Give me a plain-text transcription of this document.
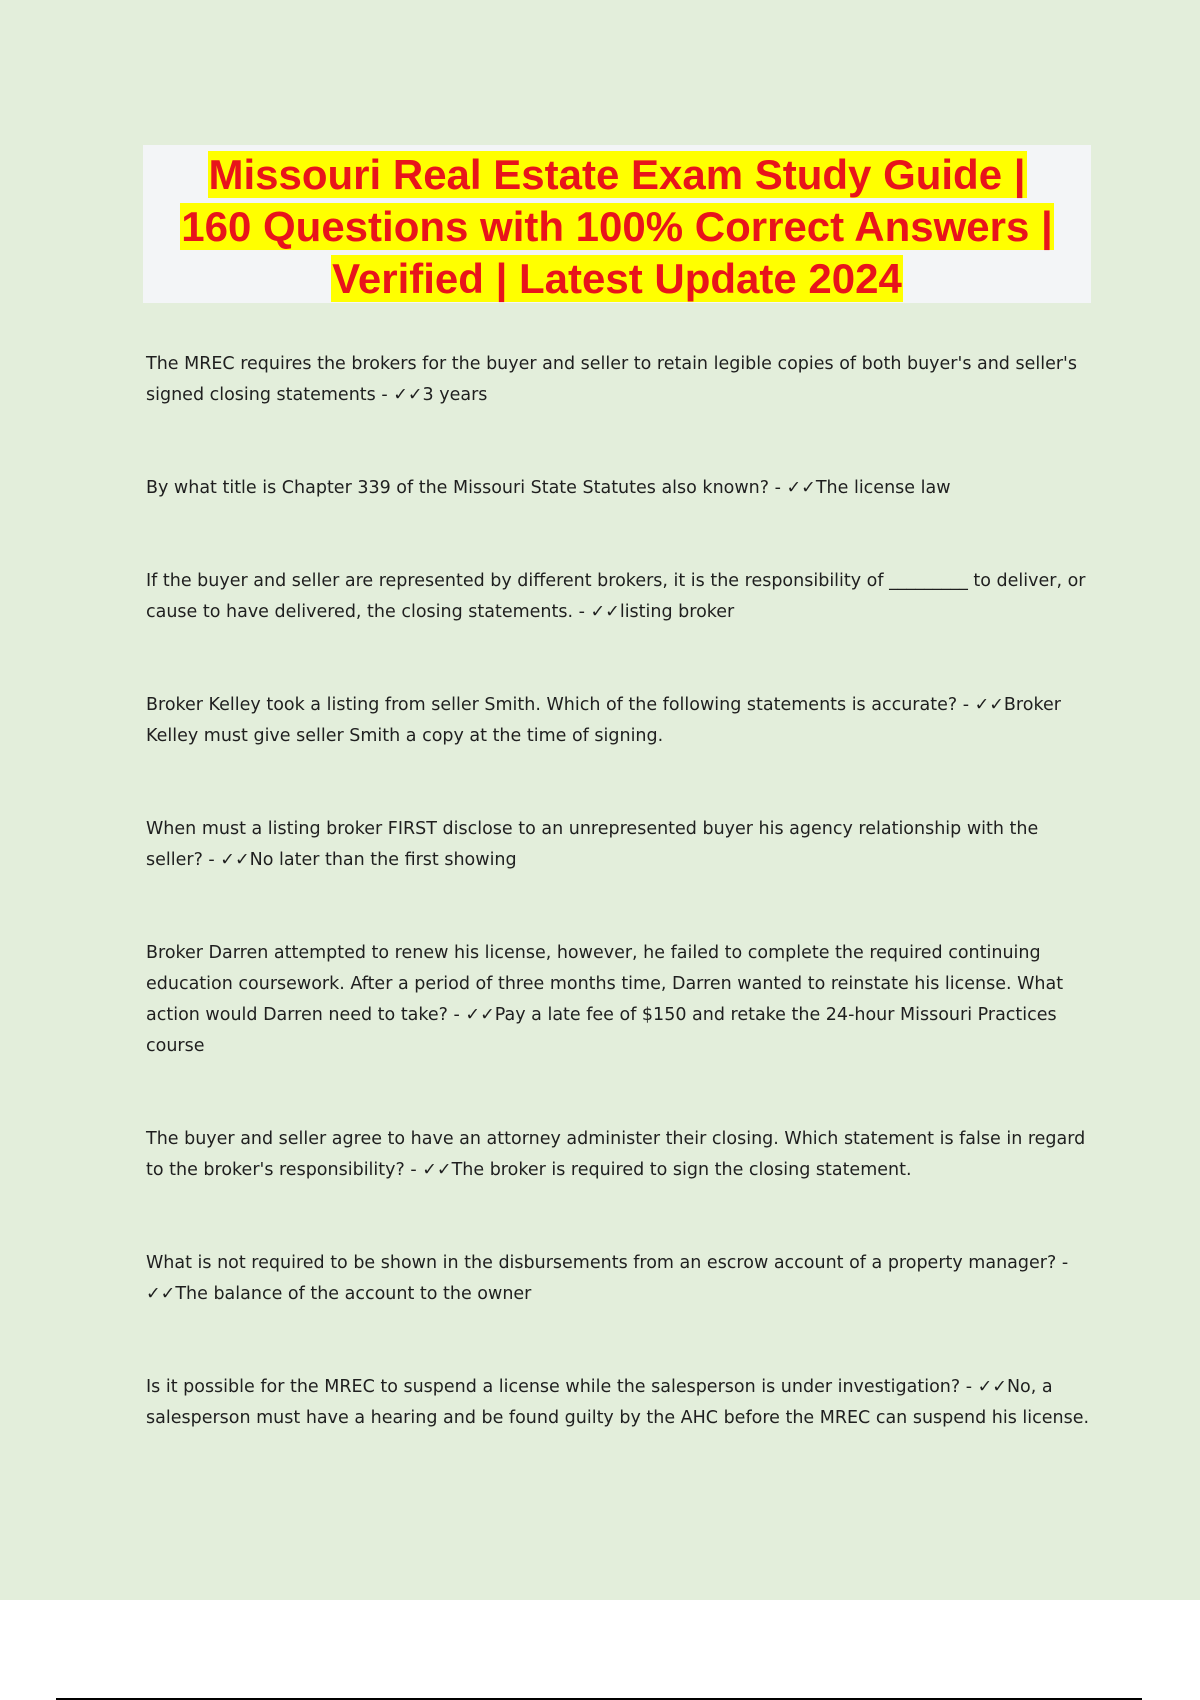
Missouri Real Estate Exam Study Guide |
160 Questions with 100% Correct Answers |
Verified | Latest Update 2024

The MREC requires the brokers for the buyer and seller to retain legible copies of both buyer's and seller's signed closing statements - ✓✓3 years

By what title is Chapter 339 of the Missouri State Statutes also known? - ✓✓The license law

If the buyer and seller are represented by different brokers, it is the responsibility of _________ to deliver, or cause to have delivered, the closing statements. - ✓✓listing broker

Broker Kelley took a listing from seller Smith. Which of the following statements is accurate? - ✓✓Broker Kelley must give seller Smith a copy at the time of signing.

When must a listing broker FIRST disclose to an unrepresented buyer his agency relationship with the seller? - ✓✓No later than the first showing

Broker Darren attempted to renew his license, however, he failed to complete the required continuing education coursework. After a period of three months time, Darren wanted to reinstate his license. What action would Darren need to take? - ✓✓Pay a late fee of $150 and retake the 24-hour Missouri Practices course

The buyer and seller agree to have an attorney administer their closing. Which statement is false in regard to the broker's responsibility? - ✓✓The broker is required to sign the closing statement.

What is not required to be shown in the disbursements from an escrow account of a property manager? - ✓✓The balance of the account to the owner

Is it possible for the MREC to suspend a license while the salesperson is under investigation? - ✓✓No, a salesperson must have a hearing and be found guilty by the AHC before the MREC can suspend his license.
